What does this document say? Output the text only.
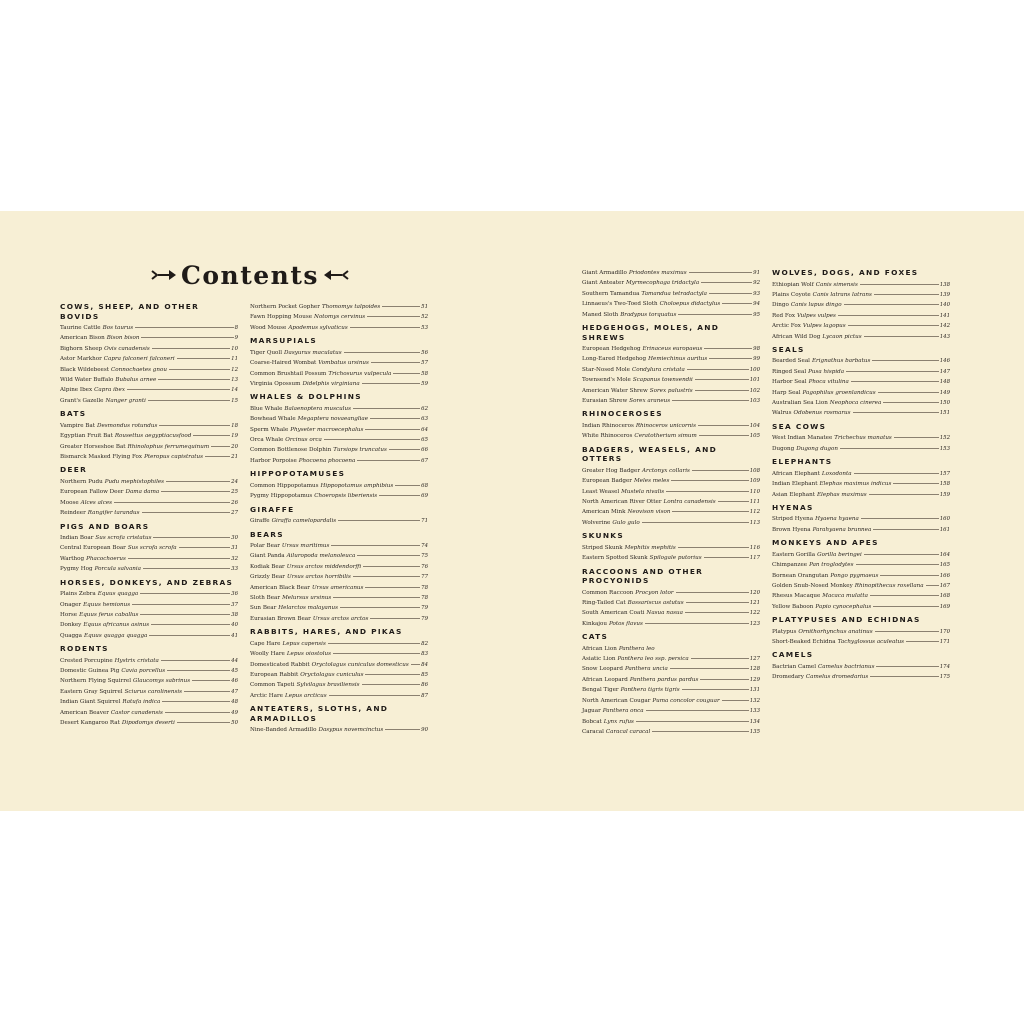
Contents
COWS, SHEEP, AND OTHER BOVIDS
Taurine Cattle Bos taurus	8
American Bison Bison bison	9
Bighorn Sheep Ovis canadensis	10
Astor Markhor Capra falconeri falconeri	11
Black Wildebeest Connochaetes gnou	12
Wild Water Buffalo Bubalus arnee	13
Alpine Ibex Capra ibex	14
Grant's Gazelle Nanger granti	15
BATS
Vampire Bat Desmondus rotundus	18
Egyptian Fruit Bat Rousettus aegyptiacusfood	19
Greater Horseshoe Bat Rhinolophus ferrumequinum	20
Bismarck Masked Flying Fox Pteropus capistratus	21
DEER
Northern Pudu Pudu mephistophiles	24
European Fallow Deer Dama dama	25
Moose Alces alces	26
Reindeer Rangifer tarandus	27
PIGS AND BOARS
Indian Boar Sus scrofa cristatus	30
Central European Boar Sus scrofa scrofa	31
Warthog Phacochoerus	32
Pygmy Hog Porcula salvania	33
HORSES, DONKEYS, AND ZEBRAS
Plains Zebra Equus quagga	36
Onager Equus hemionus	37
Horse Equus ferus caballus	38
Donkey Equus africanus asinus	40
Quagga Equus quagga quagga	41
RODENTS
Crested Porcupine Hystrix cristata	44
Domestic Guinea Pig Cavia porcellus	45
Northern Flying Squirrel Glaucomys sabrinus	46
Eastern Gray Squirrel Sciurus carolinensis	47
Indian Giant Squirrel Ratufa indica	48
American Beaver Castor canadensis	49
Desert Kangaroo Rat Dipodomys deserti	50
Northern Pocket Gopher Thomomys talpoides	51
Fawn Hopping Mouse Notomys cervinus	52
Wood Mouse Apodemus sylvaticus	53
MARSUPIALS
Tiger Quoll Dasyurus maculatus	56
Coarse-Haired Wombat Vombatus ursinus	57
Common Brushtail Possum Trichosurus vulpecula	58
Virginia Opossum Didelphis virginiana	59
WHALES & DOLPHINS
Blue Whale Balaenoptera musculus	62
Bowhead Whale Megaptera novaeangliae	63
Sperm Whale Physeter macroecephalus	64
Orca Whale Orcinus orca	65
Common Bottlenose Dolphin Tursiops truncatus	66
Harbor Porpoise Phocoena phocoena	67
HIPPOPOTAMUSES
Common Hippopotamus Hippopotamus amphibius	68
Pygmy Hippopotamus Choeropsis liberiensis	69
GIRAFFE
Giraffe Giraffa camelopardalis	71
BEARS
Polar Bear Ursus maritimus	74
Giant Panda Ailuropoda melanoleuca	75
Kodiak Bear Ursus arctos middendorffi	76
Grizzly Bear Ursus arctos horribilis	77
American Black Bear Ursus americanus	78
Sloth Bear Melursus ursinus	78
Sun Bear Helarctos malayanus	79
Eurasian Brown Bear Ursus arctos arctos	79
RABBITS, HARES, AND PIKAS
Cape Hare Lepus capensis	82
Woolly Hare Lepus oiostolus	83
Domesticated Rabbit Oryctolagus cuniculus domesticus 84
European Rabbit Oryctolagus cuniculus	85
Common Tapeti Sylvilagus brasiliensis	86
Arctic Hare Lepus arcticus	87
ANTEATERS, SLOTHS, AND ARMADILLOS
Nine-Banded Armadillo Dasypus novemcinctus	90
Giant Armadillo Priodontes maximus	91
Giant Anteater Myrmecophaga tridactyla	92
Southern Tamandua Tamandua tetradactyla	93
Linnaeus's Two-Toed Sloth Choloepus didactylus	94
Maned Sloth Bradypus torquatus	95
HEDGEHOGS, MOLES, AND SHREWS
European Hedgehog Erinaceus europaeus	98
Long-Eared Hedgehog Hemiechinus auritus	99
Star-Nosed Mole Condylura cristata	100
Townsend's Mole Scapanus townsendii	101
American Water Shrew Sorex palustris	102
Eurasian Shrew Sorex araneus	103
RHINOCEROSES
Indian Rhinoceros Rhinoceros unicornis	104
White Rhinoceros Ceratotherium simum	105
BADGERS, WEASELS, AND OTTERS
Greater Hog Badger Arctonyx collaris	108
European Badger Meles meles	109
Least Weasel Mustela nivalis	110
North American River Otter Lontra canadensis	111
American Mink Neovison vison	112
Wolverine Gulo gulo	113
SKUNKS
Striped Skunk Mephitis mephitis	116
Eastern Spotted Skunk Spilogale putorius	117
RACCOONS AND OTHER PROCYONIDS
Common Raccoon Procyon lotor	120
Ring-Tailed Cat Bassariscus astutus	121
South American Coati Nasua nasua	122
Kinkajou Potos flavus	123
CATS
African Lion Panthera leo
Asiatic Lion Panthera leo ssp. persica	127
Snow Leopard Panthera uncia	128
African Leopard Panthera pardus pardus	129
Bengal Tiger Panthera tigris tigris	131
North American Cougar Puma concolor couguar	132
Jaguar Panthera onca	133
Bobcat Lynx rufus	134
Caracal Caracal caracal	135
WOLVES, DOGS, AND FOXES
Ethiopian Wolf Canis simensis	138
Plains Coyote Canis latrans latrans	139
Dingo Canis lupus dingo	140
Red Fox Vulpes vulpes	141
Arctic Fox Vulpes lagopus	142
African Wild Dog Lycaon pictus	143
SEALS
Bearded Seal Erignathus barbatus	146
Ringed Seal Pusa hispida	147
Harbor Seal Phoca vitulina	148
Harp Seal Pagophilus groenlandicus	149
Australian Sea Lion Neophoca cinerea	150
Walrus Odobenus rosmarus	151
SEA COWS
West Indian Manatee Trichechus manatus	152
Dugong Dugong dugon	153
ELEPHANTS
African Elephant Loxodonta	157
Indian Elephant Elephas maximus indicus	158
Asian Elephant Elephas maximus	159
HYENAS
Striped Hyena Hyaena hyaena	160
Brown Hyena Parahyaena brunnea	161
MONKEYS AND APES
Eastern Gorilla Gorilla beringei	164
Chimpanzee Pan troglodytes	165
Bornean Orangutan Pongo pygmaeus	166
Golden Snub-Nosed Monkey Rhinopithecus roxellana	167
Rhesus Macaque Macaca mulatta	168
Yellow Baboon Papio cynocephalus	169
PLATYPUSES AND ECHIDNAS
Platypus Ornithorhynchus anatinus	170
Short-Beaked Echidna Tachyglossus aculeatus	171
CAMELS
Bactrian Camel Camelus bactrianus	174
Dromedary Camelus dromedarius	175
